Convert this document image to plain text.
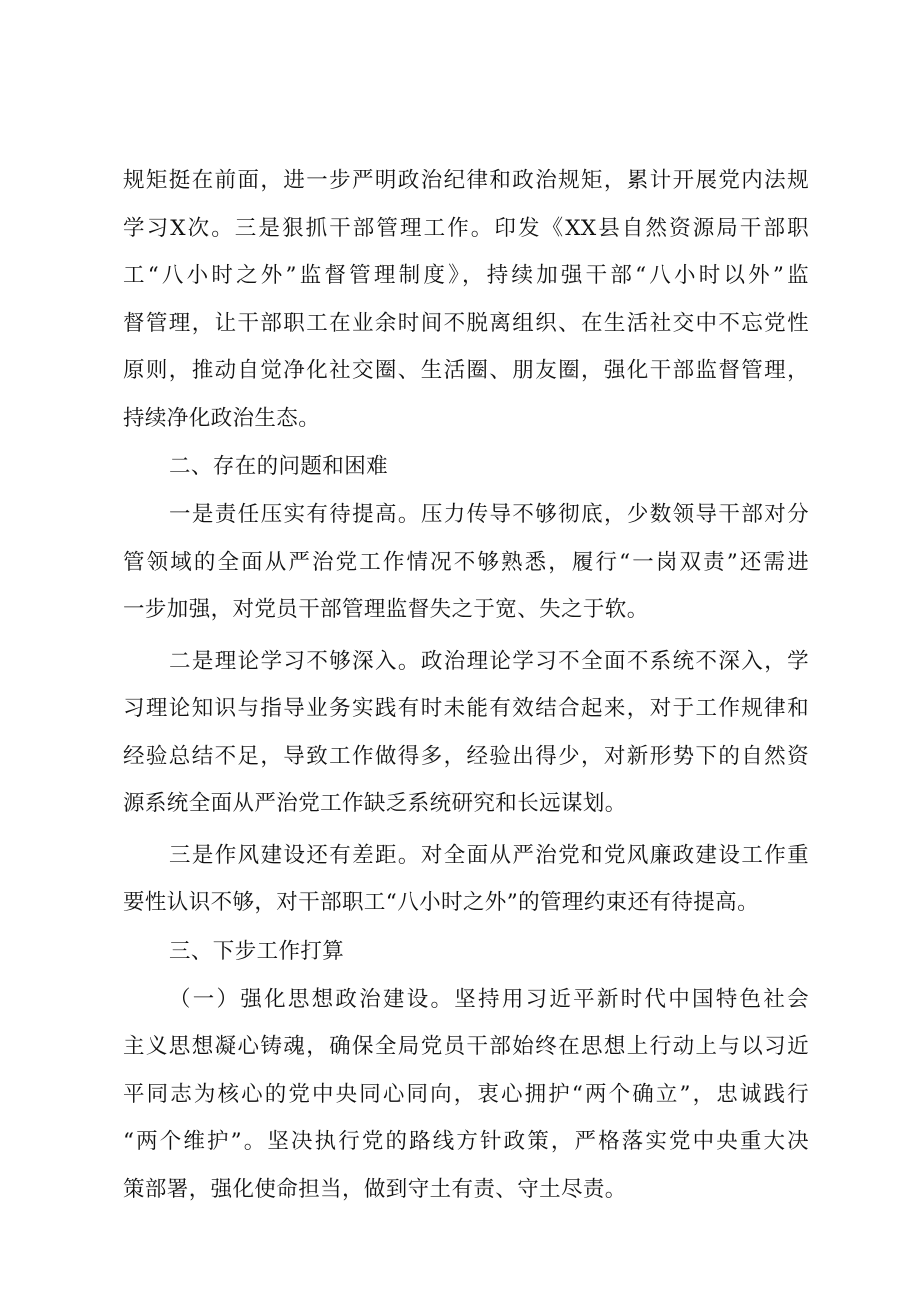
规矩挺在前面，进一步严明政治纪律和政治规矩，累计开展党内法规
学习X次。三是狠抓干部管理工作。印发《XX县自然资源局干部职
工“八小时之外”监督管理制度》，持续加强干部“八小时以外”监
督管理，让干部职工在业余时间不脱离组织、在生活社交中不忘党性
原则，推动自觉净化社交圈、生活圈、朋友圈，强化干部监督管理，
持续净化政治生态。
二、存在的问题和困难
一是责任压实有待提高。压力传导不够彻底，少数领导干部对分
管领域的全面从严治党工作情况不够熟悉，履行“一岗双责”还需进
一步加强，对党员干部管理监督失之于宽、失之于软。
二是理论学习不够深入。政治理论学习不全面不系统不深入，学
习理论知识与指导业务实践有时未能有效结合起来，对于工作规律和
经验总结不足，导致工作做得多，经验出得少，对新形势下的自然资
源系统全面从严治党工作缺乏系统研究和长远谋划。
三是作风建设还有差距。对全面从严治党和党风廉政建设工作重
要性认识不够，对干部职工“八小时之外”的管理约束还有待提高。
三、下步工作打算
（一）强化思想政治建设。坚持用习近平新时代中国特色社会
主义思想凝心铸魂，确保全局党员干部始终在思想上行动上与以习近
平同志为核心的党中央同心同向，衷心拥护“两个确立”，忠诚践行
“两个维护”。坚决执行党的路线方针政策，严格落实党中央重大决
策部署，强化使命担当，做到守土有责、守土尽责。
